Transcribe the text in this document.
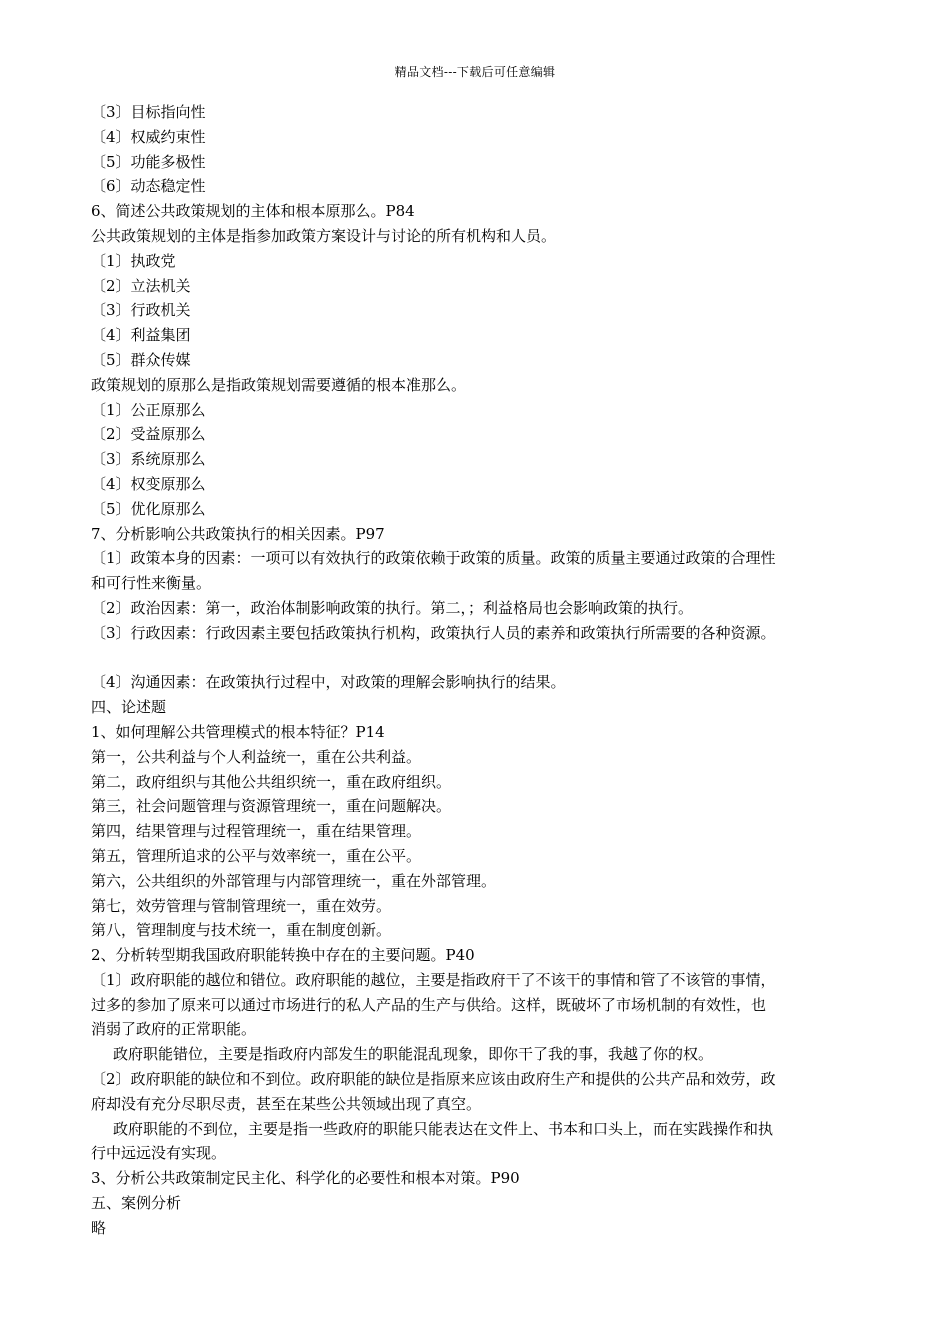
精品文档---下载后可任意编辑
〔3〕目标指向性
〔4〕权威约束性
〔5〕功能多极性
〔6〕动态稳定性
6、简述公共政策规划的主体和根本原那么。P84
公共政策规划的主体是指参加政策方案设计与讨论的所有机构和人员。
〔1〕执政党
〔2〕立法机关
〔3〕行政机关
〔4〕利益集团
〔5〕群众传媒
政策规划的原那么是指政策规划需要遵循的根本准那么。
〔1〕公正原那么
〔2〕受益原那么
〔3〕系统原那么
〔4〕权变原那么
〔5〕优化原那么
7、分析影响公共政策执行的相关因素。P97
〔1〕政策本身的因素：一项可以有效执行的政策依赖于政策的质量。政策的质量主要通过政策的合理性
和可行性来衡量。
〔2〕政治因素：第一，政治体制影响政策的执行。第二，；利益格局也会影响政策的执行。
〔3〕行政因素：行政因素主要包括政策执行机构，政策执行人员的素养和政策执行所需要的各种资源。
〔4〕沟通因素：在政策执行过程中，对政策的理解会影响执行的结果。
四、论述题
1、如何理解公共管理模式的根本特征？P14
第一，公共利益与个人利益统一，重在公共利益。
第二，政府组织与其他公共组织统一，重在政府组织。
第三，社会问题管理与资源管理统一，重在问题解决。
第四，结果管理与过程管理统一，重在结果管理。
第五，管理所追求的公平与效率统一，重在公平。
第六，公共组织的外部管理与内部管理统一，重在外部管理。
第七，效劳管理与管制管理统一，重在效劳。
第八，管理制度与技术统一，重在制度创新。
2、分析转型期我国政府职能转换中存在的主要问题。P40
〔1〕政府职能的越位和错位。政府职能的越位，主要是指政府干了不该干的事情和管了不该管的事情，
过多的参加了原来可以通过市场进行的私人产品的生产与供给。这样，既破坏了市场机制的有效性，也
消弱了政府的正常职能。
政府职能错位，主要是指政府内部发生的职能混乱现象，即你干了我的事，我越了你的权。
〔2〕政府职能的缺位和不到位。政府职能的缺位是指原来应该由政府生产和提供的公共产品和效劳，政
府却没有充分尽职尽责，甚至在某些公共领域出现了真空。
政府职能的不到位，主要是指一些政府的职能只能表达在文件上、书本和口头上，而在实践操作和执
行中远远没有实现。
3、分析公共政策制定民主化、科学化的必要性和根本对策。P90
五、案例分析
略
